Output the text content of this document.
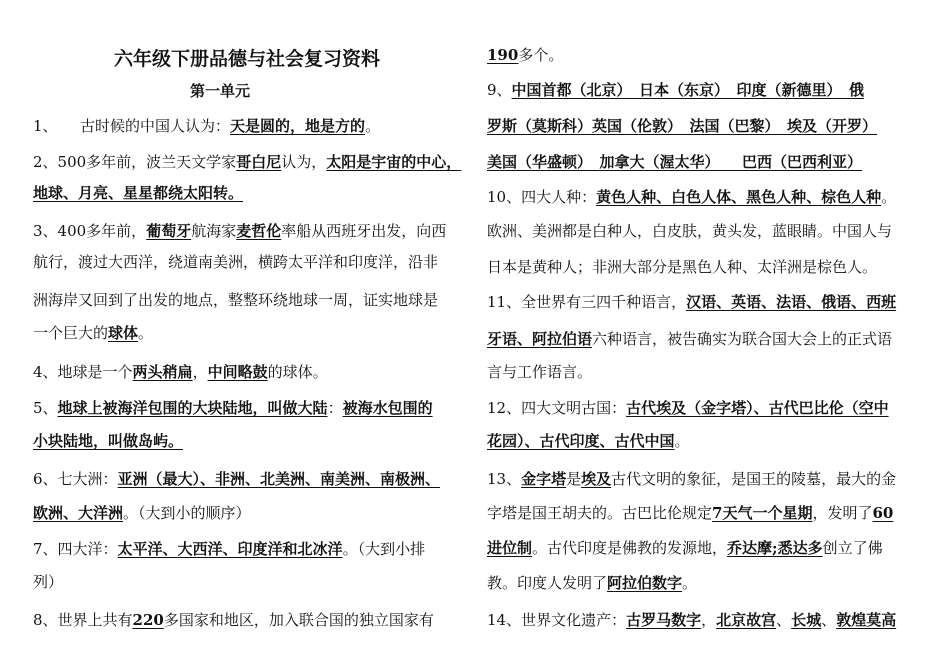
六年级下册品德与社会复习资料
第一单元
1、　　古时候的中国人认为：天是圆的，地是方的。
2、500多年前，波兰天文学家哥白尼认为，太阳是宇宙的中心，
地球、月亮、星星都绕太阳转。
3、400多年前，葡萄牙航海家麦哲伦率船从西班牙出发，向西
航行，渡过大西洋，绕道南美洲，横跨太平洋和印度洋，沿非
洲海岸又回到了出发的地点，整整环绕地球一周，证实地球是
一个巨大的球体。
4、地球是一个两头稍扁，中间略鼓的球体。
5、地球上被海洋包围的大块陆地，叫做大陆：被海水包围的
小块陆地，叫做岛屿。
6、七大洲：亚洲（最大）、非洲、北美洲、南美洲、南极洲、
欧洲、大洋洲。（大到小的顺序）
7、四大洋：太平洋、大西洋、印度洋和北冰洋。（大到小排
列）
8、世界上共有220多国家和地区，加入联合国的独立国家有
190多个。
9、中国首都（北京）　日本（东京）　印度（新德里）　俄
罗斯（莫斯科）英国（伦敦）　法国（巴黎）　埃及（开罗）
美国（华盛顿）　加拿大（渥太华）　　巴西（巴西利亚）
10、四大人种：黄色人种、白色人体、黑色人种、棕色人种。
欧洲、美洲都是白种人，白皮肤，黄头发，蓝眼睛。中国人与
日本是黄种人；非洲大部分是黑色人种、太洋洲是棕色人。
11、全世界有三四千种语言，汉语、英语、法语、俄语、西班
牙语、阿拉伯语六种语言，被告确实为联合国大会上的正式语
言与工作语言。
12、四大文明古国：古代埃及（金字塔）、古代巴比伦（空中
花园）、古代印度、古代中国。
13、金字塔是埃及古代文明的象征，是国王的陵墓，最大的金
字塔是国王胡夫的。古巴比伦规定7天气一个星期，发明了60
进位制。古代印度是佛教的发源地，乔达摩;悉达多创立了佛
教。印度人发明了阿拉伯数字。
14、世界文化遗产：古罗马数字，北京故宫、长城、敦煌莫高
